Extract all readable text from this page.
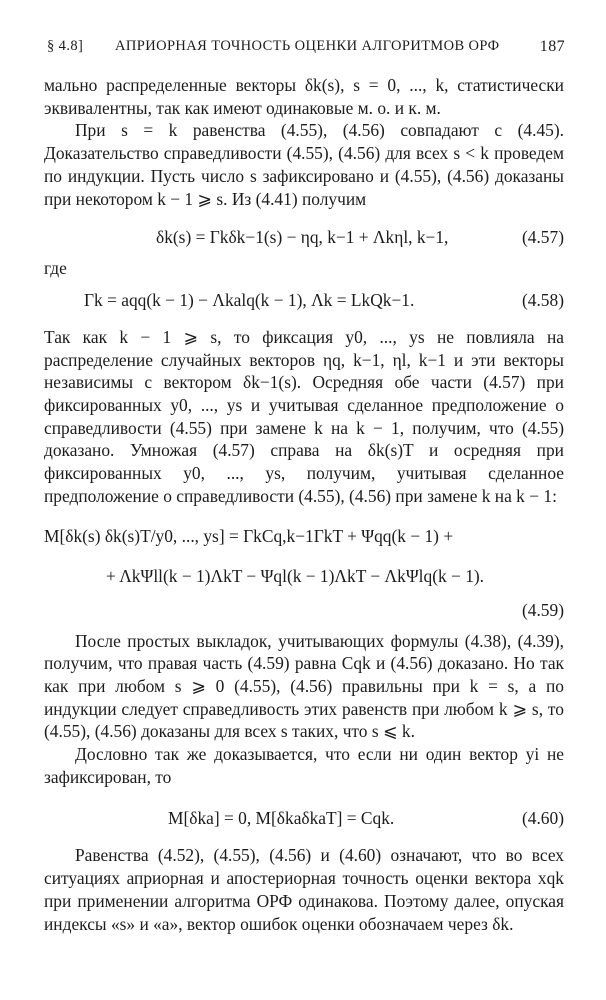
§ 4.8] АПРИОРНАЯ ТОЧНОСТЬ ОЦЕНКИ АЛГОРИТМОВ ОРФ	187

мально распределенные векторы δk(s), s = 0, ..., k, статистически эквивалентны, так как имеют одинаковые м. о. и к. м.

При s = k равенства (4.55), (4.56) совпадают с (4.45). Доказательство справедливости (4.55), (4.56) для всех s < k проведем по индукции. Пусть число s зафиксировано и (4.55), (4.56) доказаны при некотором k − 1 ⩾ s. Из (4.41) получим

δk(s) = Γkδk−1(s) − ηq, k−1 + Λkηl, k−1,	(4.57)

где

Γk = aqq(k − 1) − Λkalq(k − 1), Λk = LkQk−1.	(4.58)

Так как k − 1 ⩾ s, то фиксация y0, ..., ys не повлияла на распределение случайных векторов ηq, k−1, ηl, k−1 и эти векторы независимы с вектором δk−1(s). Осредняя обе части (4.57) при фиксированных y0, ..., ys и учитывая сделанное предположение о справедливости (4.55) при замене k на k − 1, получим, что (4.55) доказано. Умножая (4.57) справа на δk(s)T и осредняя при фиксированных y0, ..., ys, получим, учитывая сделанное предположение о справедливости (4.55), (4.56) при замене k на k − 1:

M[δk(s) δk(s)T/y0, ..., ys] = ΓkCq,k−1ΓkT + Ψqq(k − 1) +
+ ΛkΨll(k − 1)ΛkT − Ψql(k − 1)ΛkT − ΛkΨlq(k − 1).
(4.59)

После простых выкладок, учитывающих формулы (4.38), (4.39), получим, что правая часть (4.59) равна Cqk и (4.56) доказано. Но так как при любом s ⩾ 0 (4.55), (4.56) правильны при k = s, а по индукции следует справедливость этих равенств при любом k ⩾ s, то (4.55), (4.56) доказаны для всех s таких, что s ⩽ k.

Дословно так же доказывается, что если ни один вектор yi не зафиксирован, то

M[δka] = 0, M[δkaδkaT] = Cqk.	(4.60)

Равенства (4.52), (4.55), (4.56) и (4.60) означают, что во всех ситуациях априорная и апостериорная точность оценки вектора xqk при применении алгоритма ОРФ одинакова. Поэтому далее, опуская индексы «s» и «a», вектор ошибок оценки обозначаем через δk.
